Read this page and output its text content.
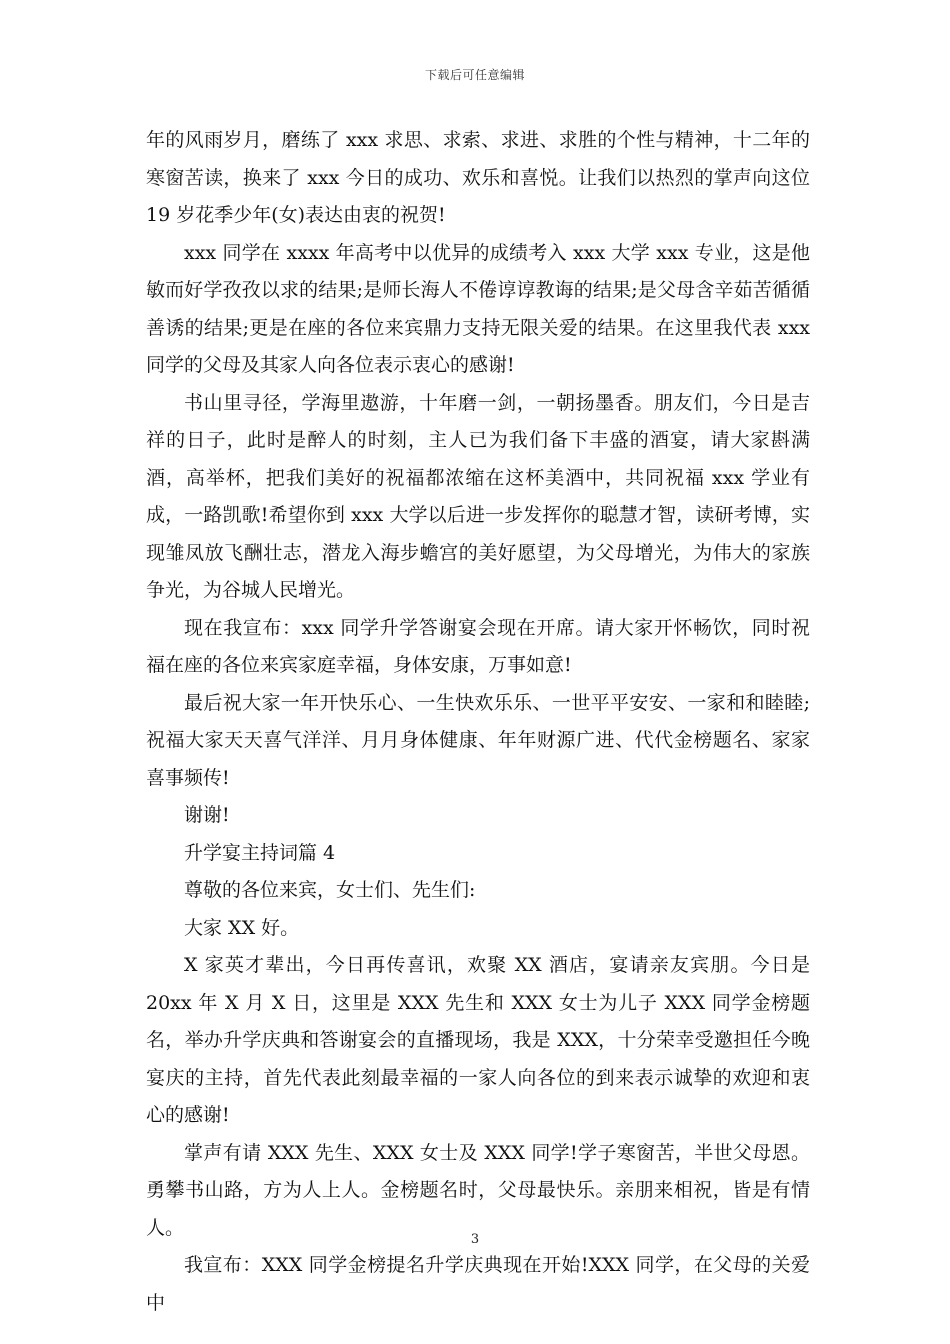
下载后可任意编辑

年的风雨岁月，磨练了 xxx 求思、求索、求进、求胜的个性与精神，十二年的寒窗苦读，换来了 xxx 今日的成功、欢乐和喜悦。让我们以热烈的掌声向这位 19 岁花季少年(女)表达由衷的祝贺!

xxx 同学在 xxxx 年高考中以优异的成绩考入 xxx 大学 xxx 专业，这是他敏而好学孜孜以求的结果;是师长海人不倦谆谆教诲的结果;是父母含辛茹苦循循善诱的结果;更是在座的各位来宾鼎力支持无限关爱的结果。在这里我代表 xxx 同学的父母及其家人向各位表示衷心的感谢!

书山里寻径，学海里遨游，十年磨一剑，一朝扬墨香。朋友们，今日是吉祥的日子，此时是醉人的时刻，主人已为我们备下丰盛的酒宴，请大家斟满酒，高举杯，把我们美好的祝福都浓缩在这杯美酒中，共同祝福 xxx 学业有成，一路凯歌!希望你到 xxx 大学以后进一步发挥你的聪慧才智，读研考博，实现雏凤放飞酬壮志，潜龙入海步蟾宫的美好愿望，为父母增光，为伟大的家族争光，为谷城人民增光。

现在我宣布：xxx 同学升学答谢宴会现在开席。请大家开怀畅饮，同时祝福在座的各位来宾家庭幸福，身体安康，万事如意!

最后祝大家一年开快乐心、一生快欢乐乐、一世平平安安、一家和和睦睦;祝福大家天天喜气洋洋、月月身体健康、年年财源广进、代代金榜题名、家家喜事频传!

谢谢!

升学宴主持词篇 4

尊敬的各位来宾，女士们、先生们:

大家 XX 好。

X 家英才辈出，今日再传喜讯，欢聚 XX 酒店，宴请亲友宾朋。今日是 20xx 年 X 月 X 日，这里是 XXX 先生和 XXX 女士为儿子 XXX 同学金榜题名，举办升学庆典和答谢宴会的直播现场，我是 XXX，十分荣幸受邀担任今晚宴庆的主持，首先代表此刻最幸福的一家人向各位的到来表示诚挚的欢迎和衷心的感谢!

掌声有请 XXX 先生、XXX 女士及 XXX 同学!学子寒窗苦，半世父母恩。勇攀书山路，方为人上人。金榜题名时，父母最快乐。亲朋来相祝，皆是有情人。

我宣布：XXX 同学金榜提名升学庆典现在开始!XXX 同学，在父母的关爱中

3
